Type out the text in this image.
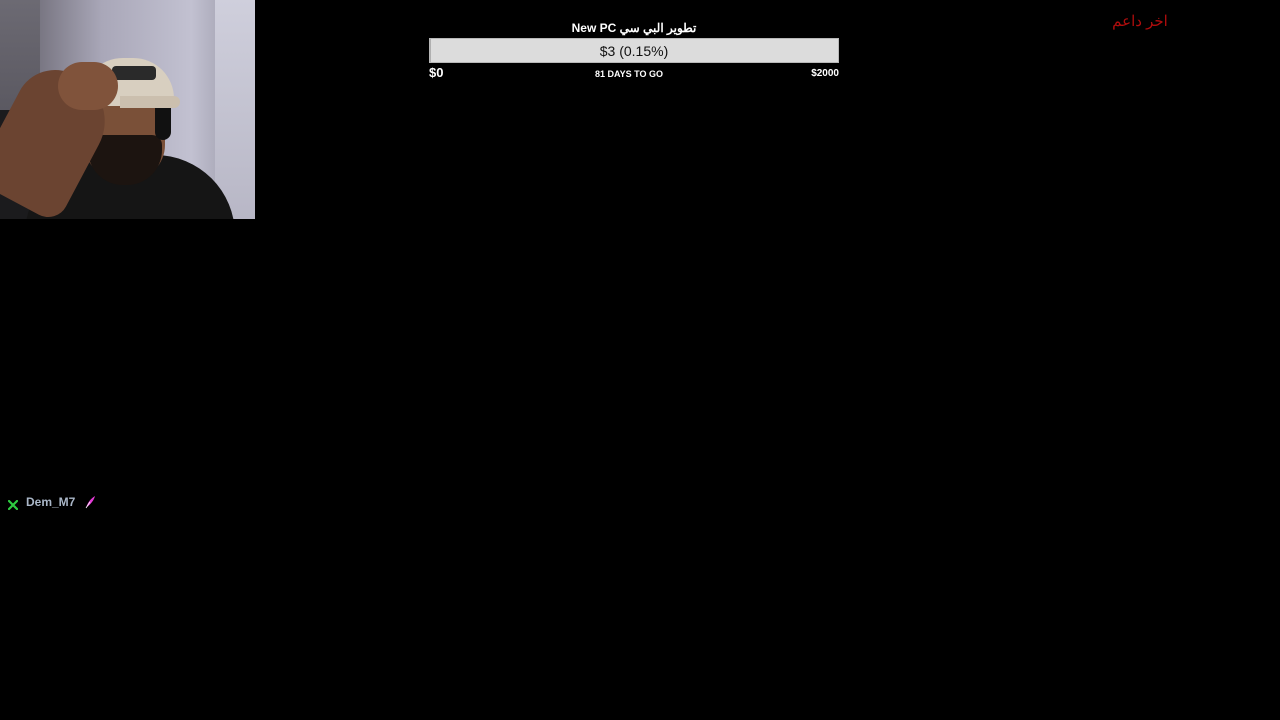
New PC تطوير البي سي
$3 (0.15%)
$0	81 DAYS TO GO	$2000
اخر داعم
Dem_M7
